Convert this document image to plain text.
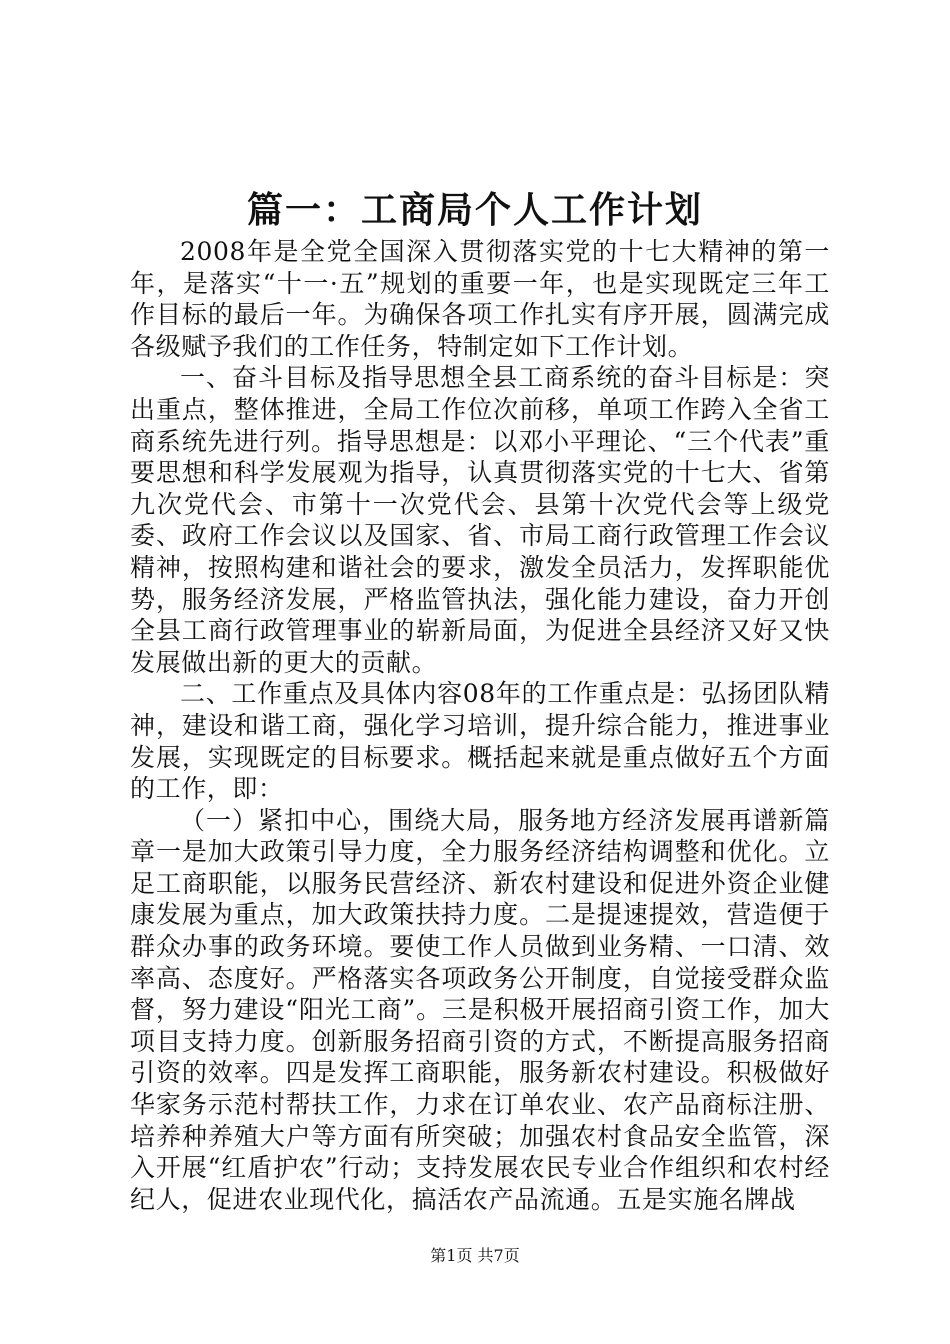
篇一：工商局个人工作计划

2008年是全党全国深入贯彻落实党的十七大精神的第一年，是落实“十一·五”规划的重要一年，也是实现既定三年工作目标的最后一年。为确保各项工作扎实有序开展，圆满完成各级赋予我们的工作任务，特制定如下工作计划。

一、奋斗目标及指导思想全县工商系统的奋斗目标是：突出重点，整体推进，全局工作位次前移，单项工作跨入全省工商系统先进行列。指导思想是：以邓小平理论、“三个代表”重要思想和科学发展观为指导，认真贯彻落实党的十七大、省第九次党代会、市第十一次党代会、县第十次党代会等上级党委、政府工作会议以及国家、省、市局工商行政管理工作会议精神，按照构建和谐社会的要求，激发全员活力，发挥职能优势，服务经济发展，严格监管执法，强化能力建设，奋力开创全县工商行政管理事业的崭新局面，为促进全县经济又好又快发展做出新的更大的贡献。

二、工作重点及具体内容08年的工作重点是：弘扬团队精神，建设和谐工商，强化学习培训，提升综合能力，推进事业发展，实现既定的目标要求。概括起来就是重点做好五个方面的工作，即：

（一）紧扣中心，围绕大局，服务地方经济发展再谱新篇章一是加大政策引导力度，全力服务经济结构调整和优化。立足工商职能，以服务民营经济、新农村建设和促进外资企业健康发展为重点，加大政策扶持力度。二是提速提效，营造便于群众办事的政务环境。要使工作人员做到业务精、一口清、效率高、态度好。严格落实各项政务公开制度，自觉接受群众监督，努力建设“阳光工商”。三是积极开展招商引资工作，加大项目支持力度。创新服务招商引资的方式，不断提高服务招商引资的效率。四是发挥工商职能，服务新农村建设。积极做好华家务示范村帮扶工作，力求在订单农业、农产品商标注册、培养种养殖大户等方面有所突破；加强农村食品安全监管，深入开展“红盾护农”行动；支持发展农民专业合作组织和农村经纪人，促进农业现代化，搞活农产品流通。五是实施名牌战

第1页 共7页
